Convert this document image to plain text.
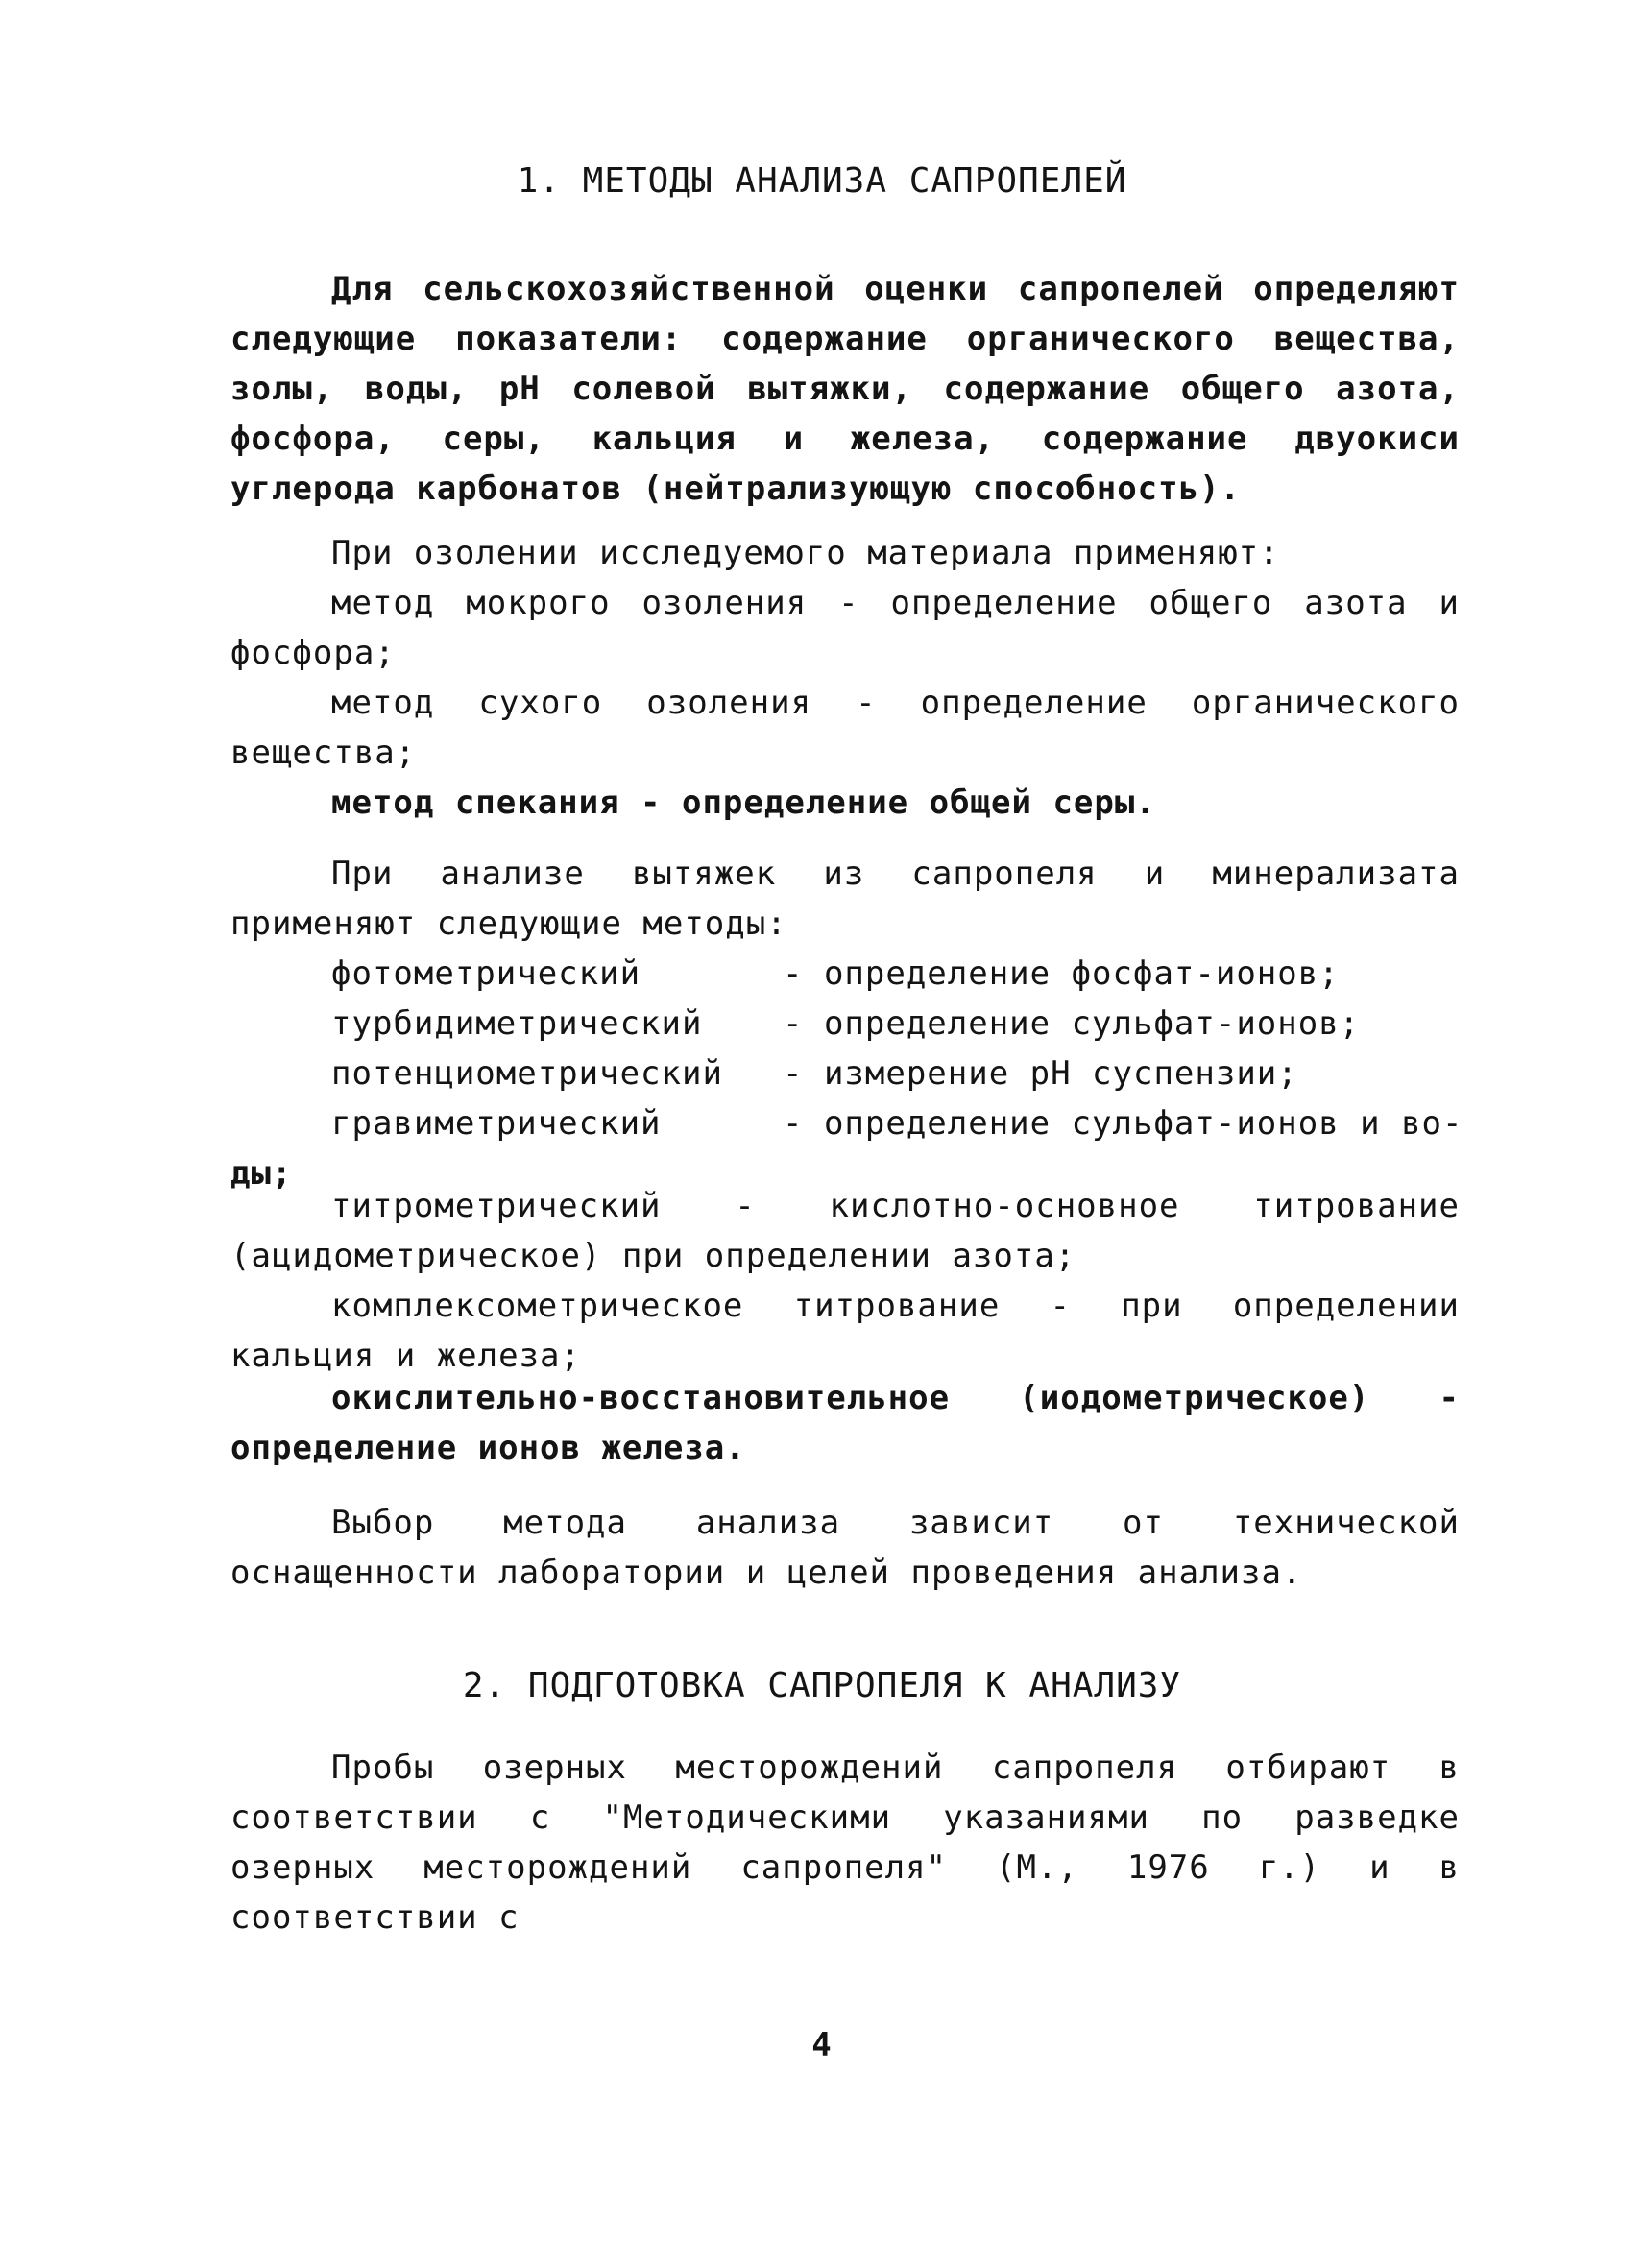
1. МЕТОДЫ АНАЛИЗА САПРОПЕЛЕЙ

Для сельскохозяйственной оценки сапропелей определяют следующие показатели: содержание органического вещества, золы, воды, pH солевой вытяжки, содержание общего азота, фосфора, серы, кальция и железа, содержание двуокиси углерода карбонатов (нейтрализующую способность).

При озолении исследуемого материала применяют:

метод мокрого озоления - определение общего азота и фосфора;

метод сухого озоления - определение органического вещества;

метод спекания - определение общей серы.

При анализе вытяжек из сапропеля и минерализата применяют следующие методы:

фотометрический	- определение фосфат-ионов;
турбидиметрический - определение сульфат-ионов;
потенциометрический - измерение pH суспензии;
гравиметрический	- определение сульфат-ионов и во-

ды;

титрометрический - кислотно-основное титрование (ацидометрическое) при определении азота;

комплексометрическое титрование - при определении кальция и железа;

окислительно-восстановительное (иодометрическое) - определение ионов железа.

Выбор метода анализа зависит от технической оснащенности лаборатории и целей проведения анализа.

2. ПОДГОТОВКА САПРОПЕЛЯ К АНАЛИЗУ

Пробы озерных месторождений сапропеля отбирают в соответствии с "Методическими указаниями по разведке озерных месторождений сапропеля" (М., 1976 г.) и в соответствии с

4
